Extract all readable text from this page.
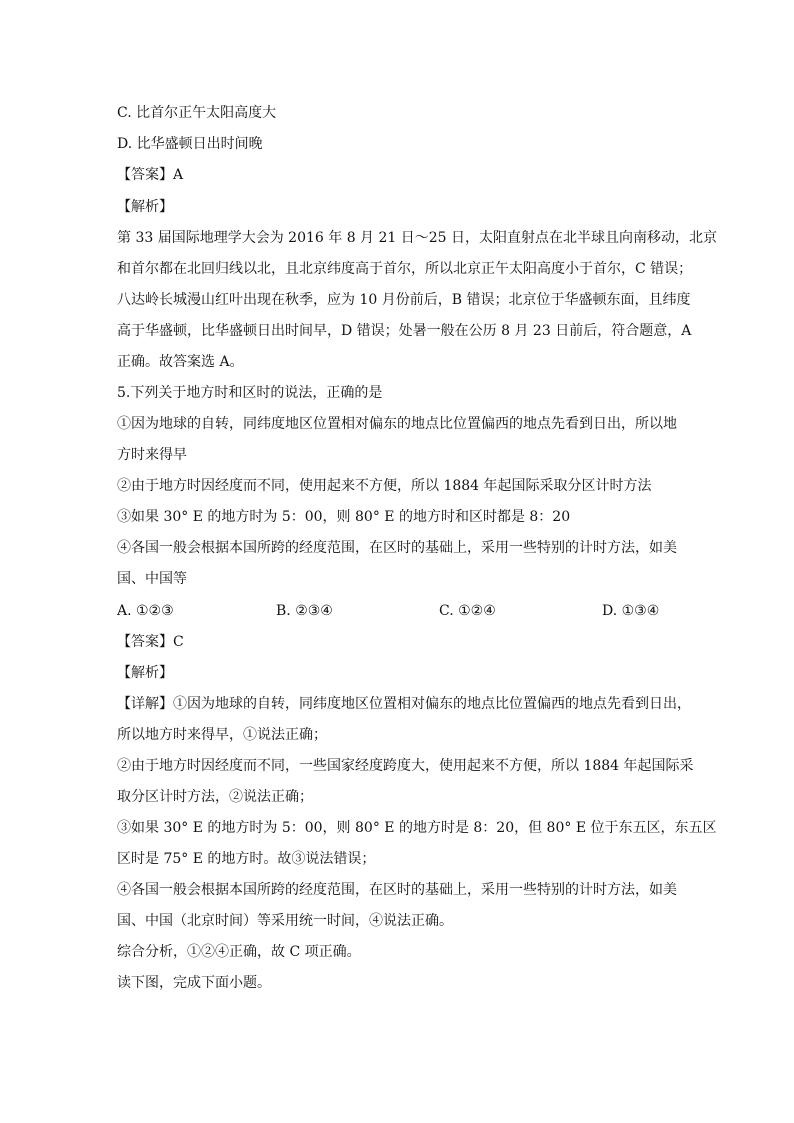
C. 比首尔正午太阳高度大
D. 比华盛顿日出时间晚
【答案】A
【解析】
第 33 届国际地理学大会为 2016 年 8 月 21 日～25 日，太阳直射点在北半球且向南移动，北京
和首尔都在北回归线以北，且北京纬度高于首尔，所以北京正午太阳高度小于首尔，C 错误；
八达岭长城漫山红叶出现在秋季，应为 10 月份前后，B 错误；北京位于华盛顿东面，且纬度
高于华盛顿，比华盛顿日出时间早，D 错误；处暑一般在公历 8 月 23 日前后，符合题意，A
正确。故答案选 A。
5.下列关于地方时和区时的说法，正确的是
①因为地球的自转，同纬度地区位置相对偏东的地点比位置偏西的地点先看到日出，所以地
方时来得早
②由于地方时因经度而不同，使用起来不方便，所以 1884 年起国际采取分区计时方法
③如果 30° E 的地方时为 5：00，则 80° E 的地方时和区时都是 8：20
④各国一般会根据本国所跨的经度范围，在区时的基础上，采用一些特别的计时方法，如美
国、中国等
A. ①②③	B. ②③④	C. ①②④	D. ①③④
【答案】C
【解析】
【详解】①因为地球的自转，同纬度地区位置相对偏东的地点比位置偏西的地点先看到日出，
所以地方时来得早，①说法正确；
②由于地方时因经度而不同，一些国家经度跨度大，使用起来不方便，所以 1884 年起国际采
取分区计时方法，②说法正确；
③如果 30° E 的地方时为 5：00，则 80° E 的地方时是 8：20，但 80° E 位于东五区，东五区
区时是 75° E 的地方时。故③说法错误；
④各国一般会根据本国所跨的经度范围，在区时的基础上，采用一些特别的计时方法，如美
国、中国（北京时间）等采用统一时间，④说法正确。
综合分析，①②④正确，故 C 项正确。
读下图，完成下面小题。
